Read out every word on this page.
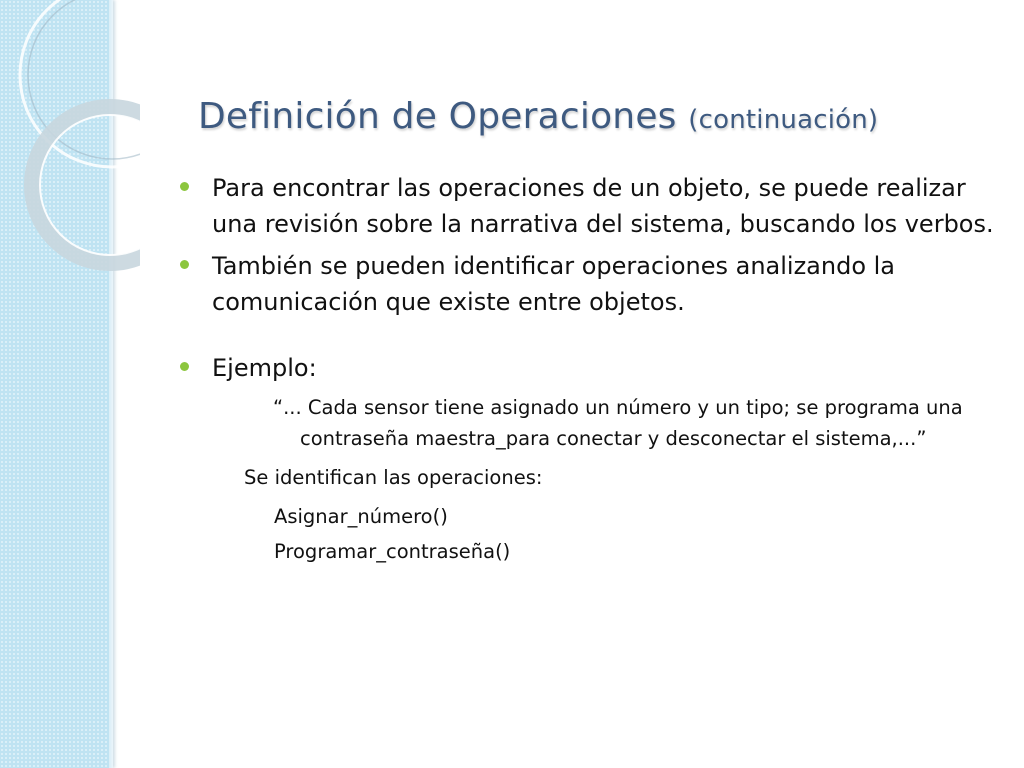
Definición de Operaciones (continuación)
Para encontrar las operaciones de un objeto, se puede realizar una revisión sobre la narrativa del sistema, buscando los verbos.
También se pueden identificar operaciones analizando la comunicación que existe entre objetos.
Ejemplo:
“... Cada sensor tiene asignado un número y un tipo; se programa una contraseña maestra_para conectar y desconectar el sistema,...”
Se identifican las operaciones:
Asignar_número()
Programar_contraseña()
